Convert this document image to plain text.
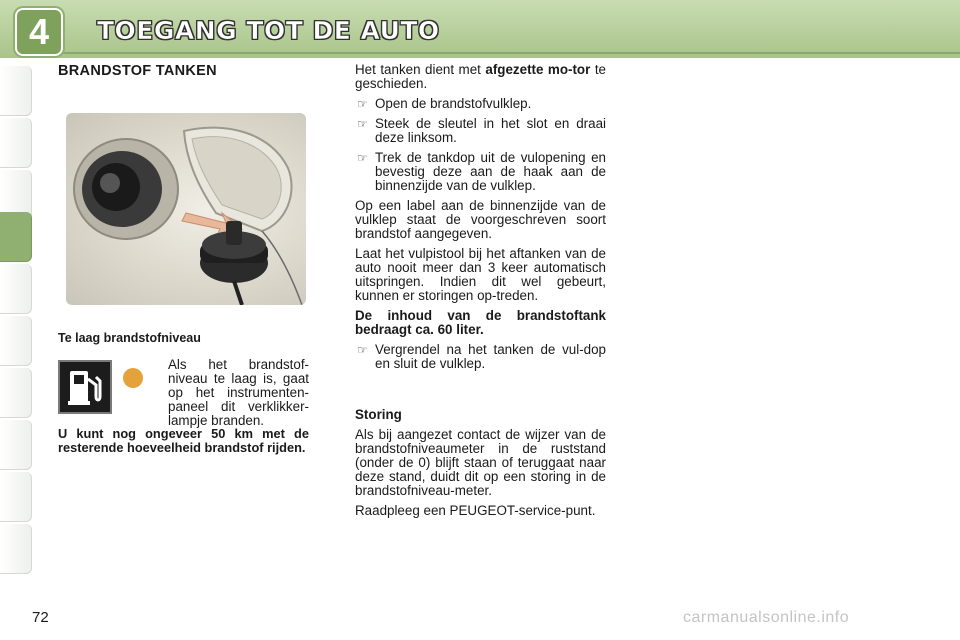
4 TOEGANG TOT DE AUTO
BRANDSTOF TANKEN
Te laag brandstofniveau
Als het brandstof-niveau te laag is, gaat op het instrumenten-paneel dit verklikker-lampje branden.
U kunt nog ongeveer 50 km met de resterende hoeveelheid brandstof rijden.

Het tanken dient met afgezette mo-tor te geschieden.

☞ Open de brandstofvulklep.
☞ Steek de sleutel in het slot en draai deze linksom.
☞ Trek de tankdop uit de vulopening en bevestig deze aan de haak aan de binnenzijde van de vulklep.

Op een label aan de binnenzijde van de vulklep staat de voorgeschreven soort brandstof aangegeven.

Laat het vulpistool bij het aftanken van de auto nooit meer dan 3 keer automatisch uitspringen. Indien dit wel gebeurt, kunnen er storingen op-treden.

De inhoud van de brandstoftank bedraagt ca. 60 liter.

☞ Vergrendel na het tanken de vul-dop en sluit de vulklep.

Storing

Als bij aangezet contact de wijzer van de brandstofniveaumeter in de ruststand (onder de 0) blijft staan of teruggaat naar deze stand, duidt dit op een storing in de brandstofniveau-meter.

Raadpleeg een PEUGEOT-service-punt.

72	carmanualsonline.info
